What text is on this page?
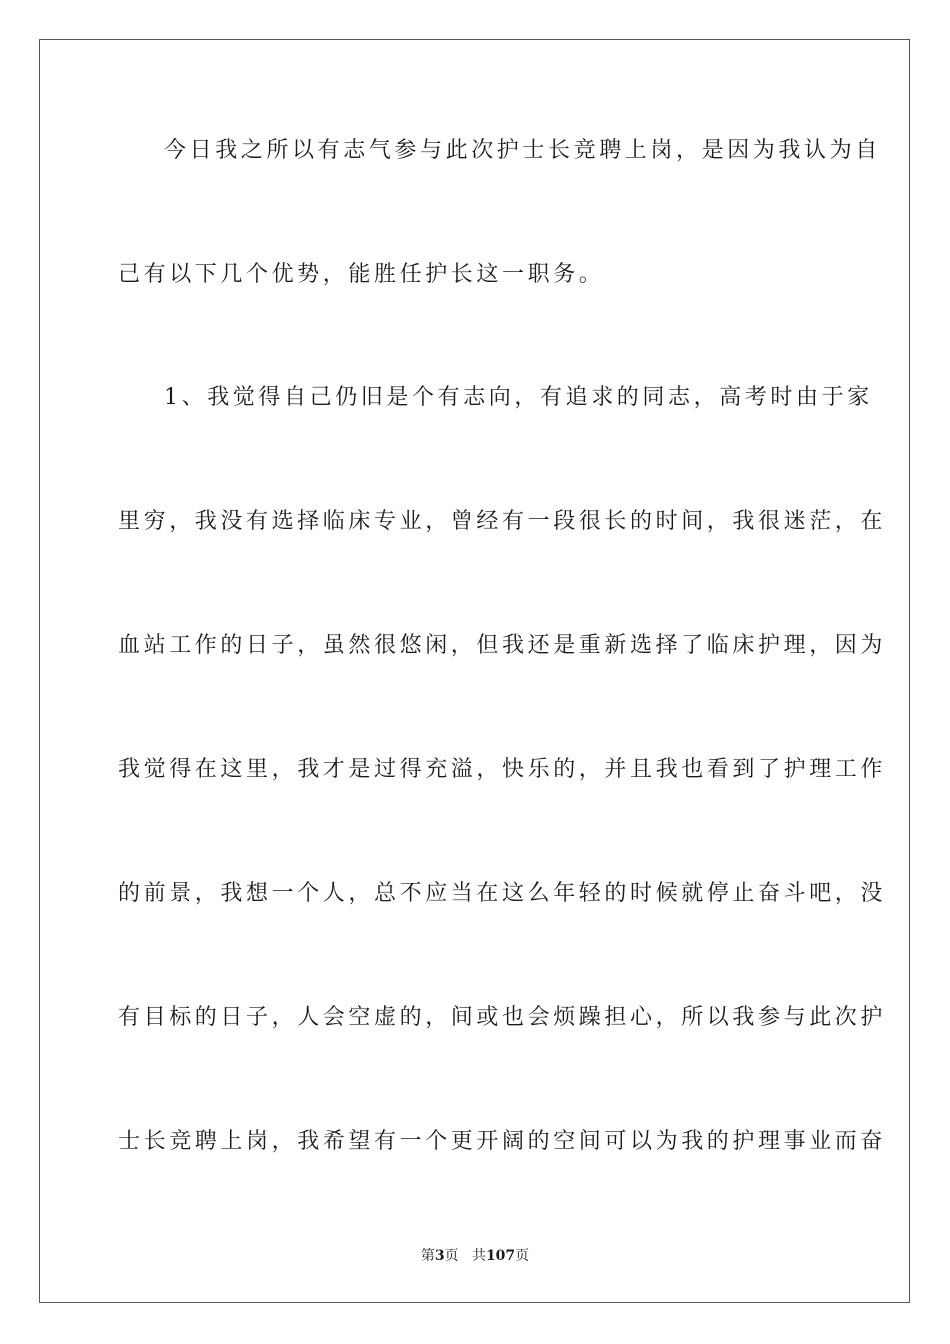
今日我之所以有志气参与此次护士长竞聘上岗，是因为我认为自

己有以下几个优势，能胜任护长这一职务。

1、我觉得自己仍旧是个有志向，有追求的同志，高考时由于家

里穷，我没有选择临床专业，曾经有一段很长的时间，我很迷茫，在

血站工作的日子，虽然很悠闲，但我还是重新选择了临床护理，因为

我觉得在这里，我才是过得充溢，快乐的，并且我也看到了护理工作

的前景，我想一个人，总不应当在这么年轻的时候就停止奋斗吧，没

有目标的日子，人会空虚的，间或也会烦躁担心，所以我参与此次护

士长竞聘上岗，我希望有一个更开阔的空间可以为我的护理事业而奋

第3页 共107页
